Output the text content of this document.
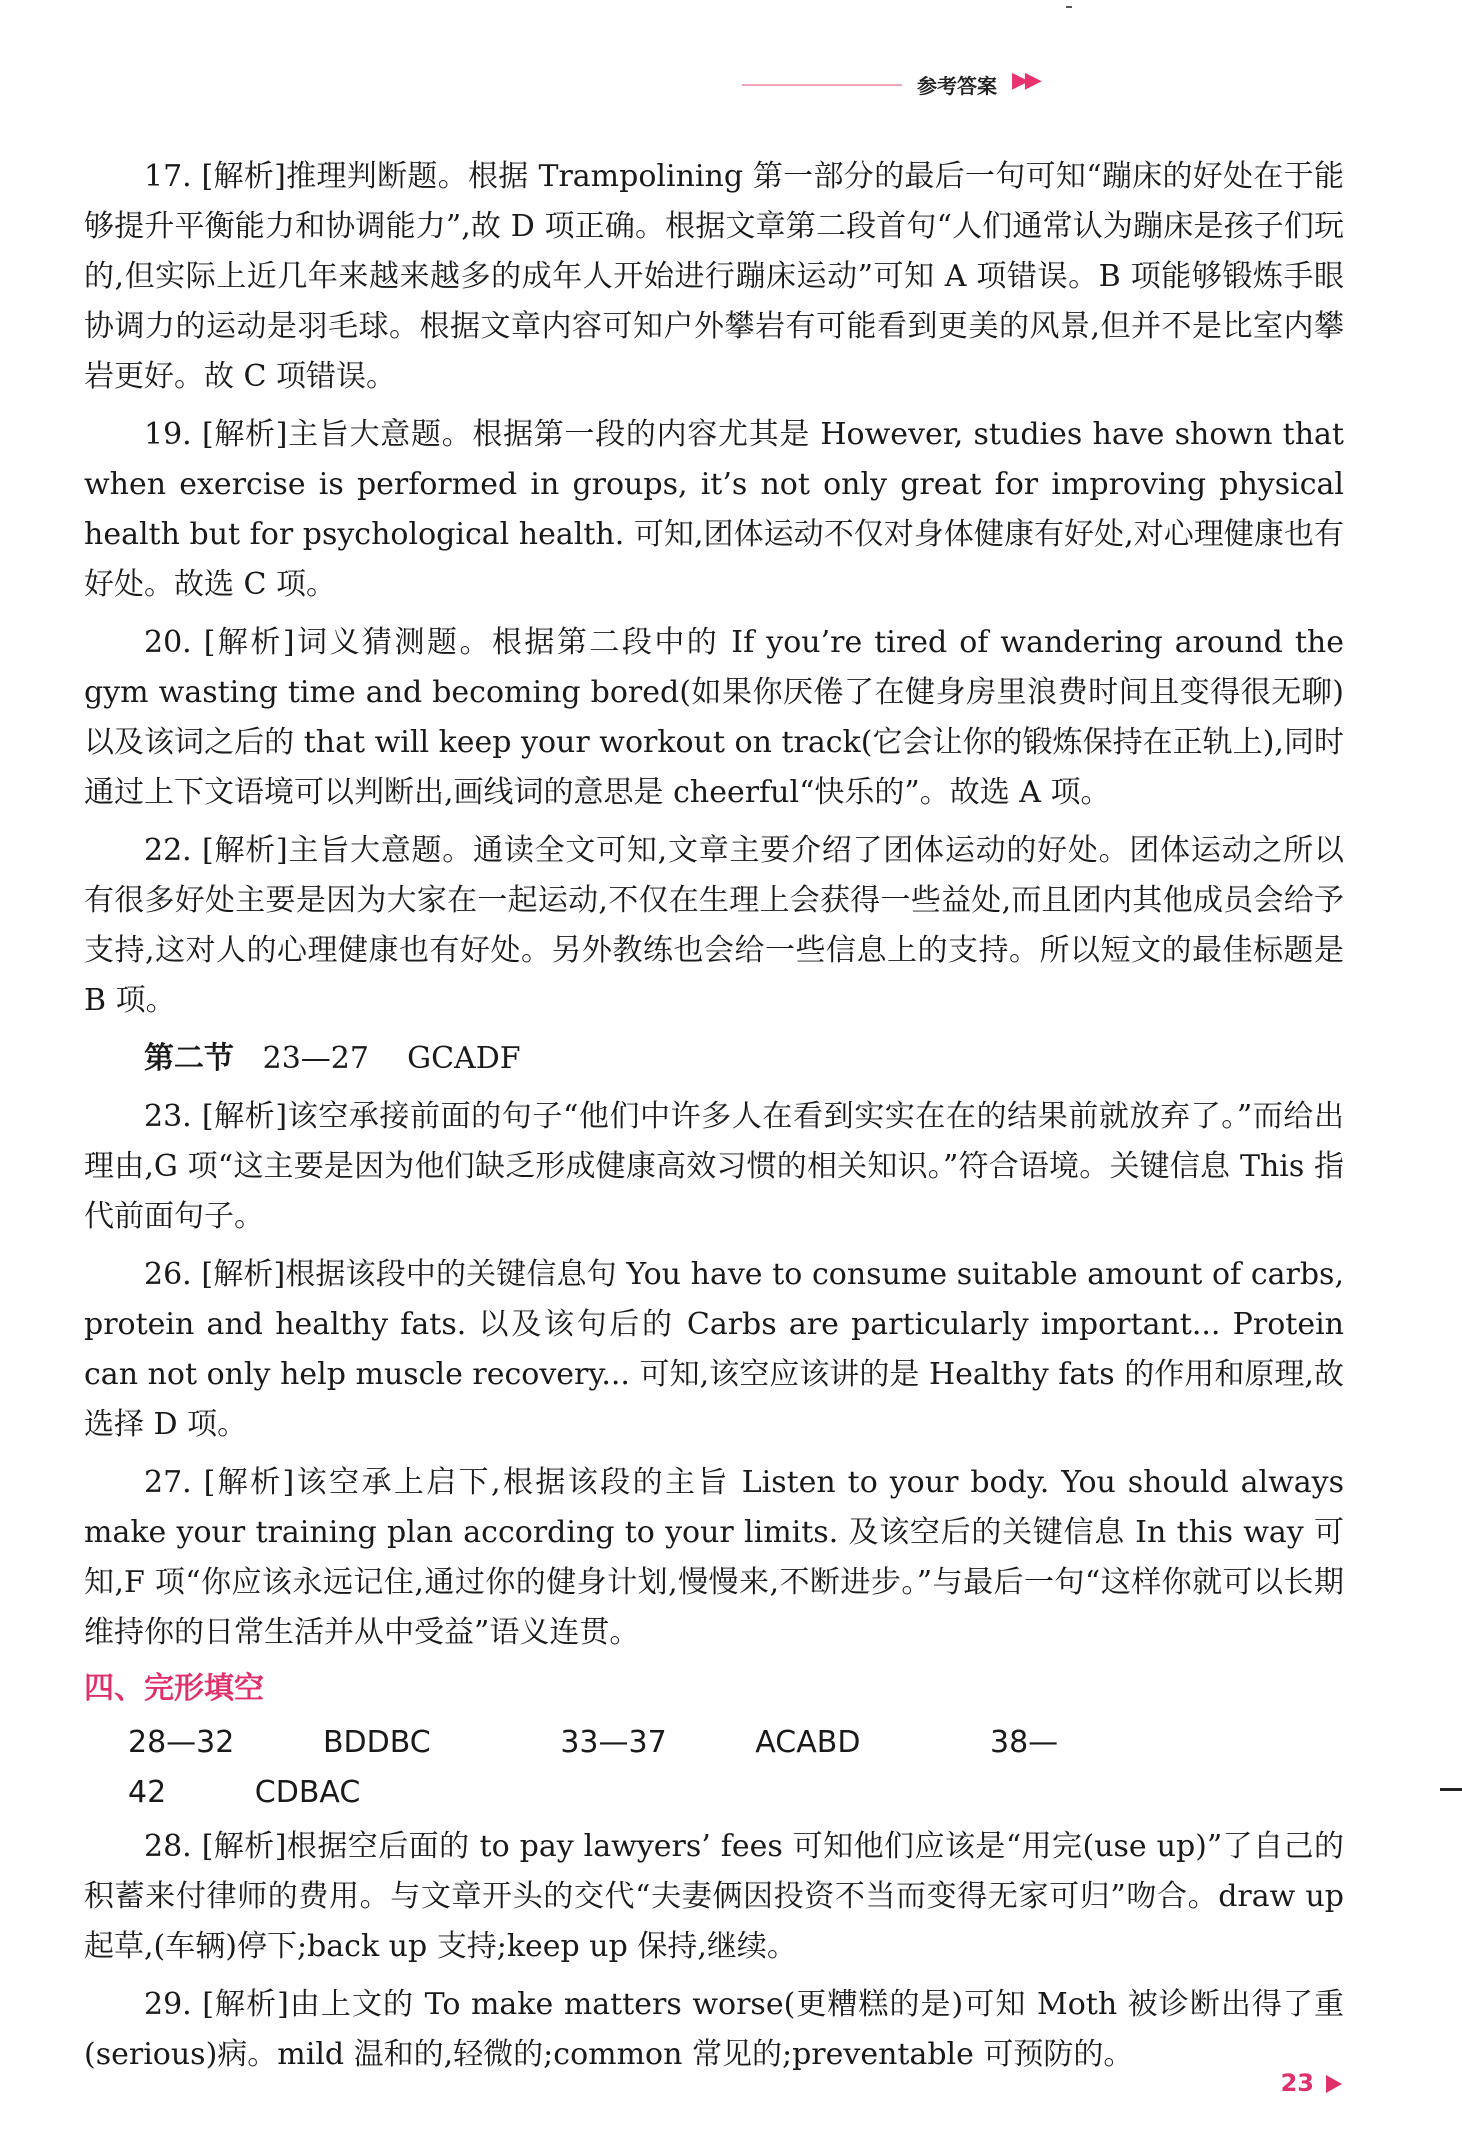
参考答案 ▶▶

17. [解析]推理判断题。根据 Trampolining 第一部分的最后一句可知“蹦床的好处在于能够提升平衡能力和协调能力”,故 D 项正确。根据文章第二段首句“人们通常认为蹦床是孩子们玩的,但实际上近几年来越来越多的成年人开始进行蹦床运动”可知 A 项错误。B 项能够锻炼手眼协调力的运动是羽毛球。根据文章内容可知户外攀岩有可能看到更美的风景,但并不是比室内攀岩更好。故 C 项错误。

19. [解析]主旨大意题。根据第一段的内容尤其是 However, studies have shown that when exercise is performed in groups, it’s not only great for improving physical health but for psychological health. 可知,团体运动不仅对身体健康有好处,对心理健康也有好处。故选 C 项。

20. [解析]词义猜测题。根据第二段中的 If you’re tired of wandering around the gym wasting time and becoming bored(如果你厌倦了在健身房里浪费时间且变得很无聊)以及该词之后的 that will keep your workout on track(它会让你的锻炼保持在正轨上),同时通过上下文语境可以判断出,画线词的意思是 cheerful“快乐的”。故选 A 项。

22. [解析]主旨大意题。通读全文可知,文章主要介绍了团体运动的好处。团体运动之所以有很多好处主要是因为大家在一起运动,不仅在生理上会获得一些益处,而且团内其他成员会给予支持,这对人的心理健康也有好处。另外教练也会给一些信息上的支持。所以短文的最佳标题是 B 项。

第二节 23—27 GCADF

23. [解析]该空承接前面的句子“他们中许多人在看到实实在在的结果前就放弃了。”而给出理由,G 项“这主要是因为他们缺乏形成健康高效习惯的相关知识。”符合语境。关键信息 This 指代前面句子。

26. [解析]根据该段中的关键信息句 You have to consume suitable amount of carbs, protein and healthy fats. 以及该句后的 Carbs are particularly important... Protein can not only help muscle recovery... 可知,该空应该讲的是 Healthy fats 的作用和原理,故选择 D 项。

27. [解析]该空承上启下,根据该段的主旨 Listen to your body. You should always make your training plan according to your limits. 及该空后的关键信息 In this way 可知,F 项“你应该永远记住,通过你的健身计划,慢慢来,不断进步。”与最后一句“这样你就可以长期维持你的日常生活并从中受益”语义连贯。

四、完形填空
28—32	BDDBC	33—37	ACABD	38—42	CDBAC

28. [解析]根据空后面的 to pay lawyers’ fees 可知他们应该是“用完(use up)”了自己的积蓄来付律师的费用。与文章开头的交代“夫妻俩因投资不当而变得无家可归”吻合。draw up 起草,(车辆)停下;back up 支持;keep up 保持,继续。

29. [解析]由上文的 To make matters worse(更糟糕的是)可知 Moth 被诊断出得了重(serious)病。mild 温和的,轻微的;common 常见的;preventable 可预防的。

23
